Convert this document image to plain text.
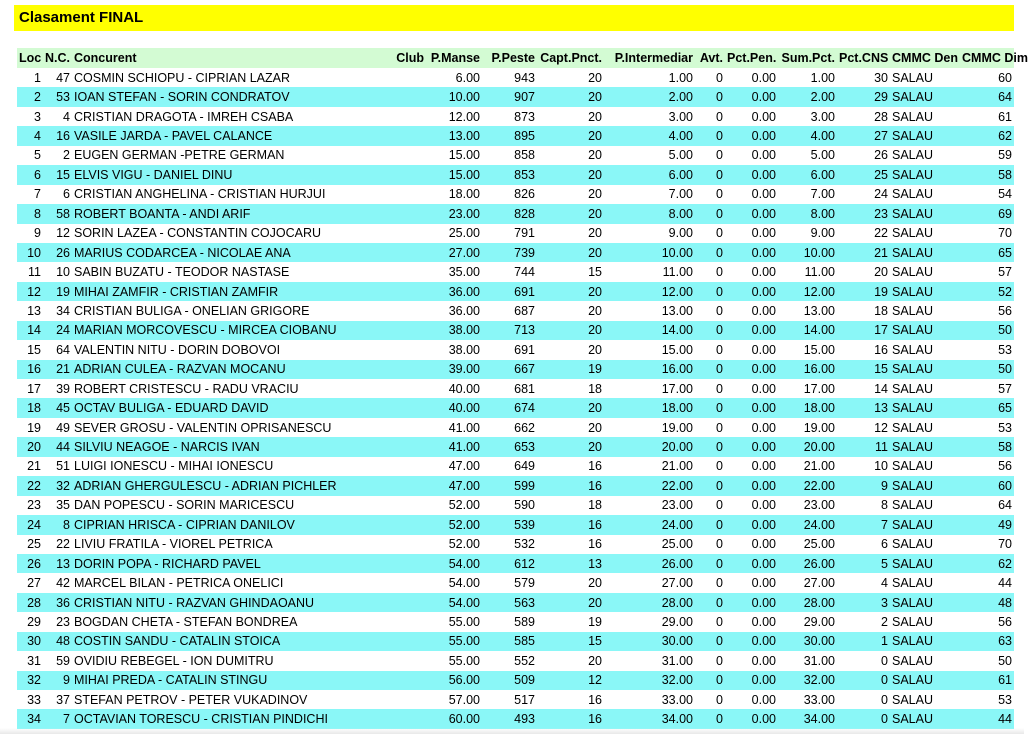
Clasament FINAL
Loc	N.C.	Concurent	Club	P.Manse	P.Peste	Capt.Pnct.	P.Intermediar	Avt.	Pct.Pen.	Sum.Pct.	Pct.CNS	CMMC Den	CMMC Dim
1	47	COSMIN SCHIOPU - CIPRIAN LAZAR		6.00	943	20	1.00	0	0.00	1.00	30	SALAU	60
2	53	IOAN STEFAN - SORIN CONDRATOV		10.00	907	20	2.00	0	0.00	2.00	29	SALAU	64
3	4	CRISTIAN DRAGOTA - IMREH CSABA		12.00	873	20	3.00	0	0.00	3.00	28	SALAU	61
4	16	VASILE JARDA - PAVEL CALANCE		13.00	895	20	4.00	0	0.00	4.00	27	SALAU	62
5	2	EUGEN GERMAN -PETRE GERMAN		15.00	858	20	5.00	0	0.00	5.00	26	SALAU	59
6	15	ELVIS VIGU - DANIEL DINU		15.00	853	20	6.00	0	0.00	6.00	25	SALAU	58
7	6	CRISTIAN ANGHELINA - CRISTIAN HURJUI		18.00	826	20	7.00	0	0.00	7.00	24	SALAU	54
8	58	ROBERT BOANTA - ANDI ARIF		23.00	828	20	8.00	0	0.00	8.00	23	SALAU	69
9	12	SORIN LAZEA - CONSTANTIN COJOCARU		25.00	791	20	9.00	0	0.00	9.00	22	SALAU	70
10	26	MARIUS CODARCEA - NICOLAE ANA		27.00	739	20	10.00	0	0.00	10.00	21	SALAU	65
11	10	SABIN BUZATU - TEODOR NASTASE		35.00	744	15	11.00	0	0.00	11.00	20	SALAU	57
12	19	MIHAI ZAMFIR - CRISTIAN ZAMFIR		36.00	691	20	12.00	0	0.00	12.00	19	SALAU	52
13	34	CRISTIAN BULIGA - ONELIAN GRIGORE		36.00	687	20	13.00	0	0.00	13.00	18	SALAU	56
14	24	MARIAN MORCOVESCU - MIRCEA CIOBANU		38.00	713	20	14.00	0	0.00	14.00	17	SALAU	50
15	64	VALENTIN NITU - DORIN DOBOVOI		38.00	691	20	15.00	0	0.00	15.00	16	SALAU	53
16	21	ADRIAN CULEA - RAZVAN MOCANU		39.00	667	19	16.00	0	0.00	16.00	15	SALAU	50
17	39	ROBERT CRISTESCU - RADU VRACIU		40.00	681	18	17.00	0	0.00	17.00	14	SALAU	57
18	45	OCTAV BULIGA - EDUARD DAVID		40.00	674	20	18.00	0	0.00	18.00	13	SALAU	65
19	49	SEVER GROSU - VALENTIN OPRISANESCU		41.00	662	20	19.00	0	0.00	19.00	12	SALAU	53
20	44	SILVIU NEAGOE - NARCIS IVAN		41.00	653	20	20.00	0	0.00	20.00	11	SALAU	58
21	51	LUIGI IONESCU - MIHAI IONESCU		47.00	649	16	21.00	0	0.00	21.00	10	SALAU	56
22	32	ADRIAN GHERGULESCU - ADRIAN PICHLER		47.00	599	16	22.00	0	0.00	22.00	9	SALAU	60
23	35	DAN POPESCU - SORIN MARICESCU		52.00	590	18	23.00	0	0.00	23.00	8	SALAU	64
24	8	CIPRIAN HRISCA - CIPRIAN DANILOV		52.00	539	16	24.00	0	0.00	24.00	7	SALAU	49
25	22	LIVIU FRATILA - VIOREL PETRICA		52.00	532	16	25.00	0	0.00	25.00	6	SALAU	70
26	13	DORIN POPA - RICHARD PAVEL		54.00	612	13	26.00	0	0.00	26.00	5	SALAU	62
27	42	MARCEL BILAN - PETRICA ONELICI		54.00	579	20	27.00	0	0.00	27.00	4	SALAU	44
28	36	CRISTIAN NITU - RAZVAN GHINDAOANU		54.00	563	20	28.00	0	0.00	28.00	3	SALAU	48
29	23	BOGDAN CHETA - STEFAN BONDREA		55.00	589	19	29.00	0	0.00	29.00	2	SALAU	56
30	48	COSTIN SANDU - CATALIN STOICA		55.00	585	15	30.00	0	0.00	30.00	1	SALAU	63
31	59	OVIDIU REBEGEL - ION DUMITRU		55.00	552	20	31.00	0	0.00	31.00	0	SALAU	50
32	9	MIHAI PREDA - CATALIN STINGU		56.00	509	12	32.00	0	0.00	32.00	0	SALAU	61
33	37	STEFAN PETROV - PETER VUKADINOV		57.00	517	16	33.00	0	0.00	33.00	0	SALAU	53
34	7	OCTAVIAN TORESCU - CRISTIAN PINDICHI		60.00	493	16	34.00	0	0.00	34.00	0	SALAU	44
